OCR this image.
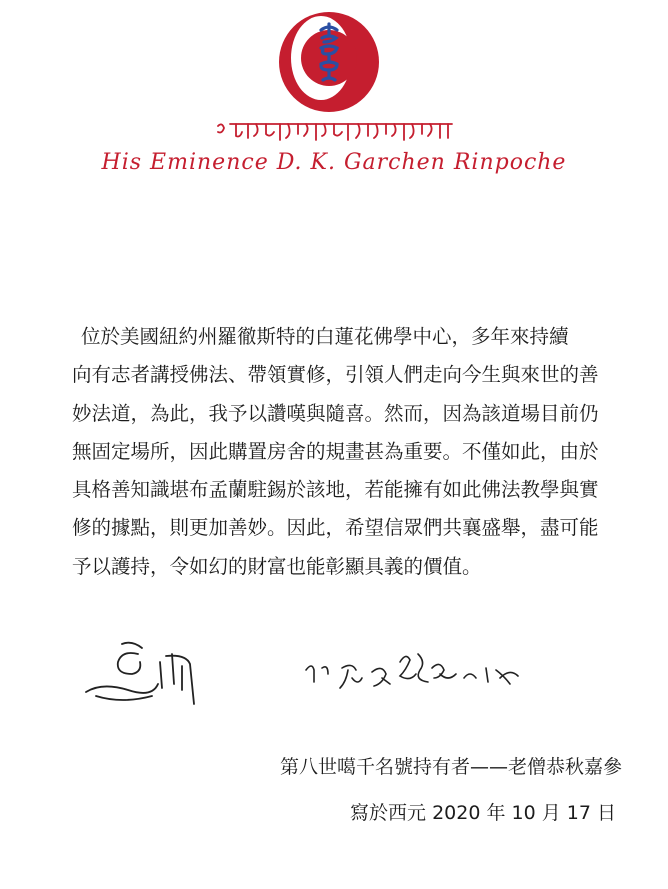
His Eminence D. K. Garchen Rinpoche

位於美國紐約州羅徹斯特的白蓮花佛學中心，多年來持續

向有志者講授佛法、帶領實修，引領人們走向今生與來世的善

妙法道，為此，我予以讚嘆與隨喜。然而，因為該道場目前仍

無固定場所，因此購置房舍的規畫甚為重要。不僅如此，由於

具格善知識堪布孟蘭駐錫於該地，若能擁有如此佛法教學與實

修的據點，則更加善妙。因此，希望信眾們共襄盛舉，盡可能

予以護持，令如幻的財富也能彰顯具義的價值。

第八世噶千名號持有者——老僧恭秋嘉參
寫於西元 2020 年 10 月 17 日
